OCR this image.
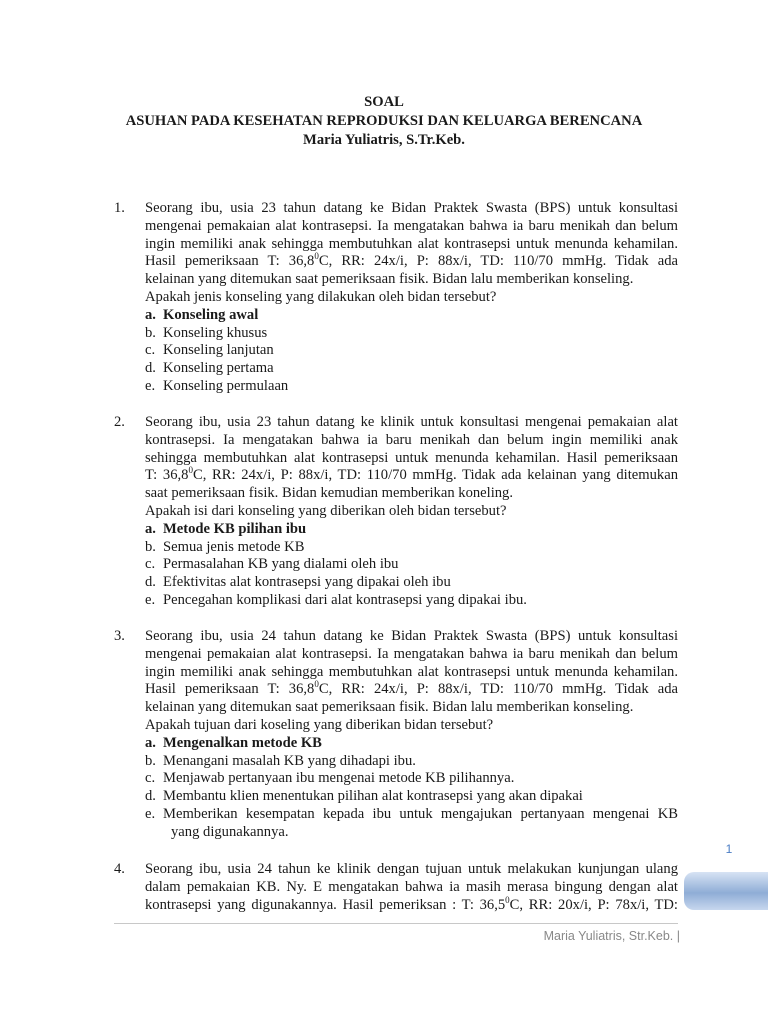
SOAL
ASUHAN PADA KESEHATAN REPRODUKSI DAN KELUARGA BERENCANA
Maria Yuliatris, S.Tr.Keb.
1. Seorang ibu, usia 23 tahun datang ke Bidan Praktek Swasta (BPS) untuk konsultasi
mengenai pemakaian alat kontrasepsi. Ia mengatakan bahwa ia baru menikah dan belum
ingin memiliki anak sehingga membutuhkan alat kontrasepsi untuk menunda kehamilan.
Hasil pemeriksaan T: 36,8$^0$C, RR: 24x/i, P: 88x/i, TD: 110/70 mmHg. Tidak ada
kelainan yang ditemukan saat pemeriksaan fisik. Bidan lalu memberikan konseling.
Apakah jenis konseling yang dilakukan oleh bidan tersebut?
a. Konseling awal
b. Konseling khusus
c. Konseling lanjutan
d. Konseling pertama
e. Konseling permulaan
2. Seorang ibu, usia 23 tahun datang ke klinik untuk konsultasi mengenai pemakaian alat
kontrasepsi. Ia mengatakan bahwa ia baru menikah dan belum ingin memiliki anak
sehingga membutuhkan alat kontrasepsi untuk menunda kehamilan. Hasil pemeriksaan
T: 36,8$^0$C, RR: 24x/i, P: 88x/i, TD: 110/70 mmHg. Tidak ada kelainan yang ditemukan
saat pemeriksaan fisik. Bidan kemudian memberikan koneling.
Apakah isi dari konseling yang diberikan oleh bidan tersebut?
a. Metode KB pilihan ibu
b. Semua jenis metode KB
c. Permasalahan KB yang dialami oleh ibu
d. Efektivitas alat kontrasepsi yang dipakai oleh ibu
e. Pencegahan komplikasi dari alat kontrasepsi yang dipakai ibu.
3. Seorang ibu, usia 24 tahun datang ke Bidan Praktek Swasta (BPS) untuk konsultasi
mengenai pemakaian alat kontrasepsi. Ia mengatakan bahwa ia baru menikah dan belum
ingin memiliki anak sehingga membutuhkan alat kontrasepsi untuk menunda kehamilan.
Hasil pemeriksaan T: 36,8$^0$C, RR: 24x/i, P: 88x/i, TD: 110/70 mmHg. Tidak ada
kelainan yang ditemukan saat pemeriksaan fisik. Bidan lalu memberikan konseling.
Apakah tujuan dari koseling yang diberikan bidan tersebut?
a. Mengenalkan metode KB
b. Menangani masalah KB yang dihadapi ibu.
c. Menjawab pertanyaan ibu mengenai metode KB pilihannya.
d. Membantu klien menentukan pilihan alat kontrasepsi yang akan dipakai
e. Memberikan kesempatan kepada ibu untuk mengajukan pertanyaan mengenai KB
yang digunakannya.
4. Seorang ibu, usia 24 tahun ke klinik dengan tujuan untuk melakukan kunjungan ulang
dalam pemakaian KB. Ny. E mengatakan bahwa ia masih merasa bingung dengan alat
kontrasepsi yang digunakannya. Hasil pemeriksan : T: 36,5$^0$C, RR: 20x/i, P: 78x/i, TD:
1
Maria Yuliatris, Str.Keb. |
